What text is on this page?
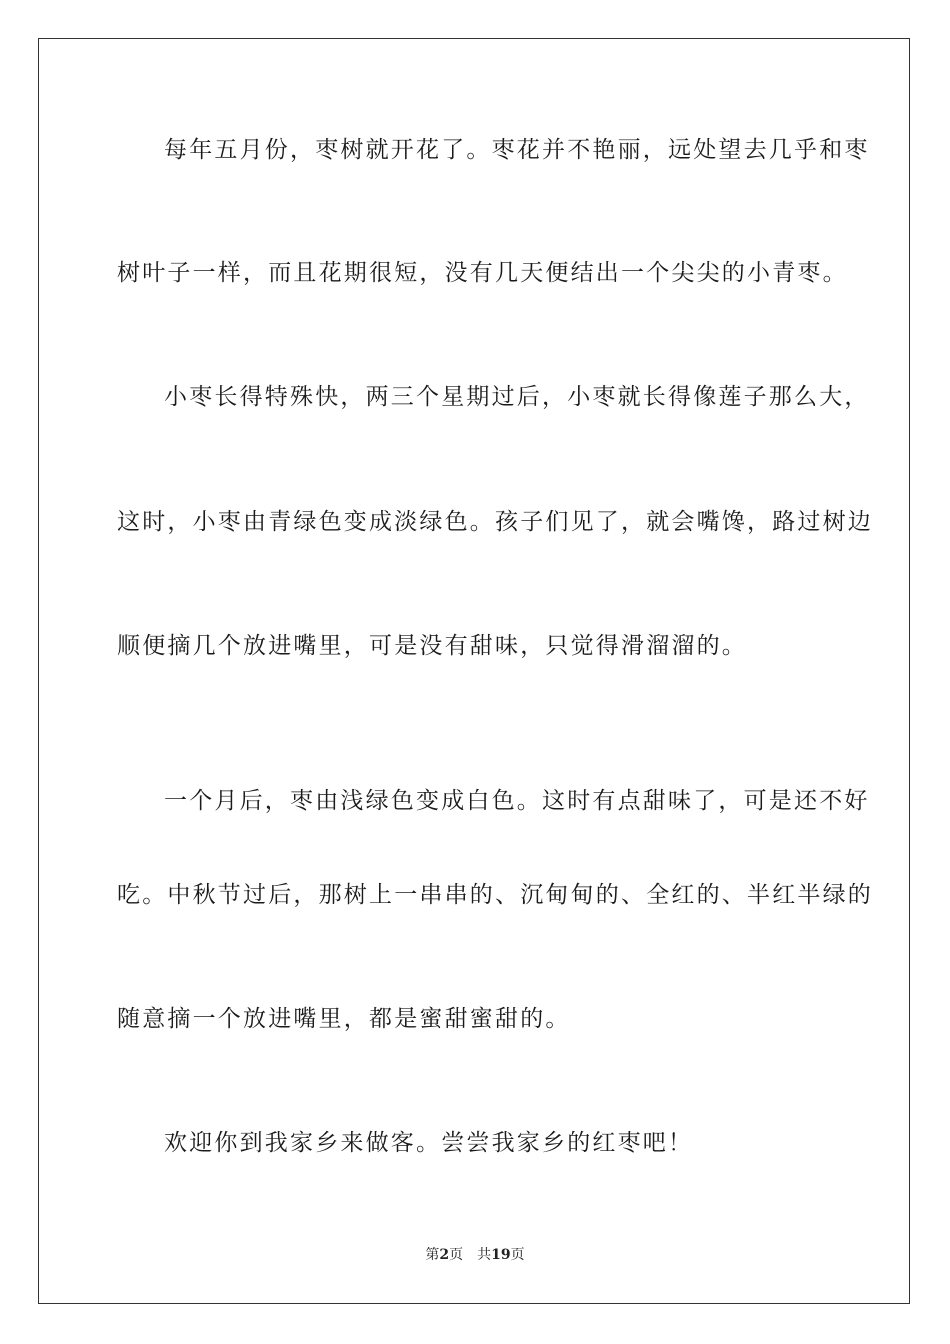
每年五月份，枣树就开花了。枣花并不艳丽，远处望去几乎和枣
树叶子一样，而且花期很短，没有几天便结出一个尖尖的小青枣。
小枣长得特殊快，两三个星期过后，小枣就长得像莲子那么大，
这时，小枣由青绿色变成淡绿色。孩子们见了，就会嘴馋，路过树边
顺便摘几个放进嘴里，可是没有甜味，只觉得滑溜溜的。
一个月后，枣由浅绿色变成白色。这时有点甜味了，可是还不好
吃。中秋节过后，那树上一串串的、沉甸甸的、全红的、半红半绿的
随意摘一个放进嘴里，都是蜜甜蜜甜的。
欢迎你到我家乡来做客。尝尝我家乡的红枣吧！
第2页 共19页
